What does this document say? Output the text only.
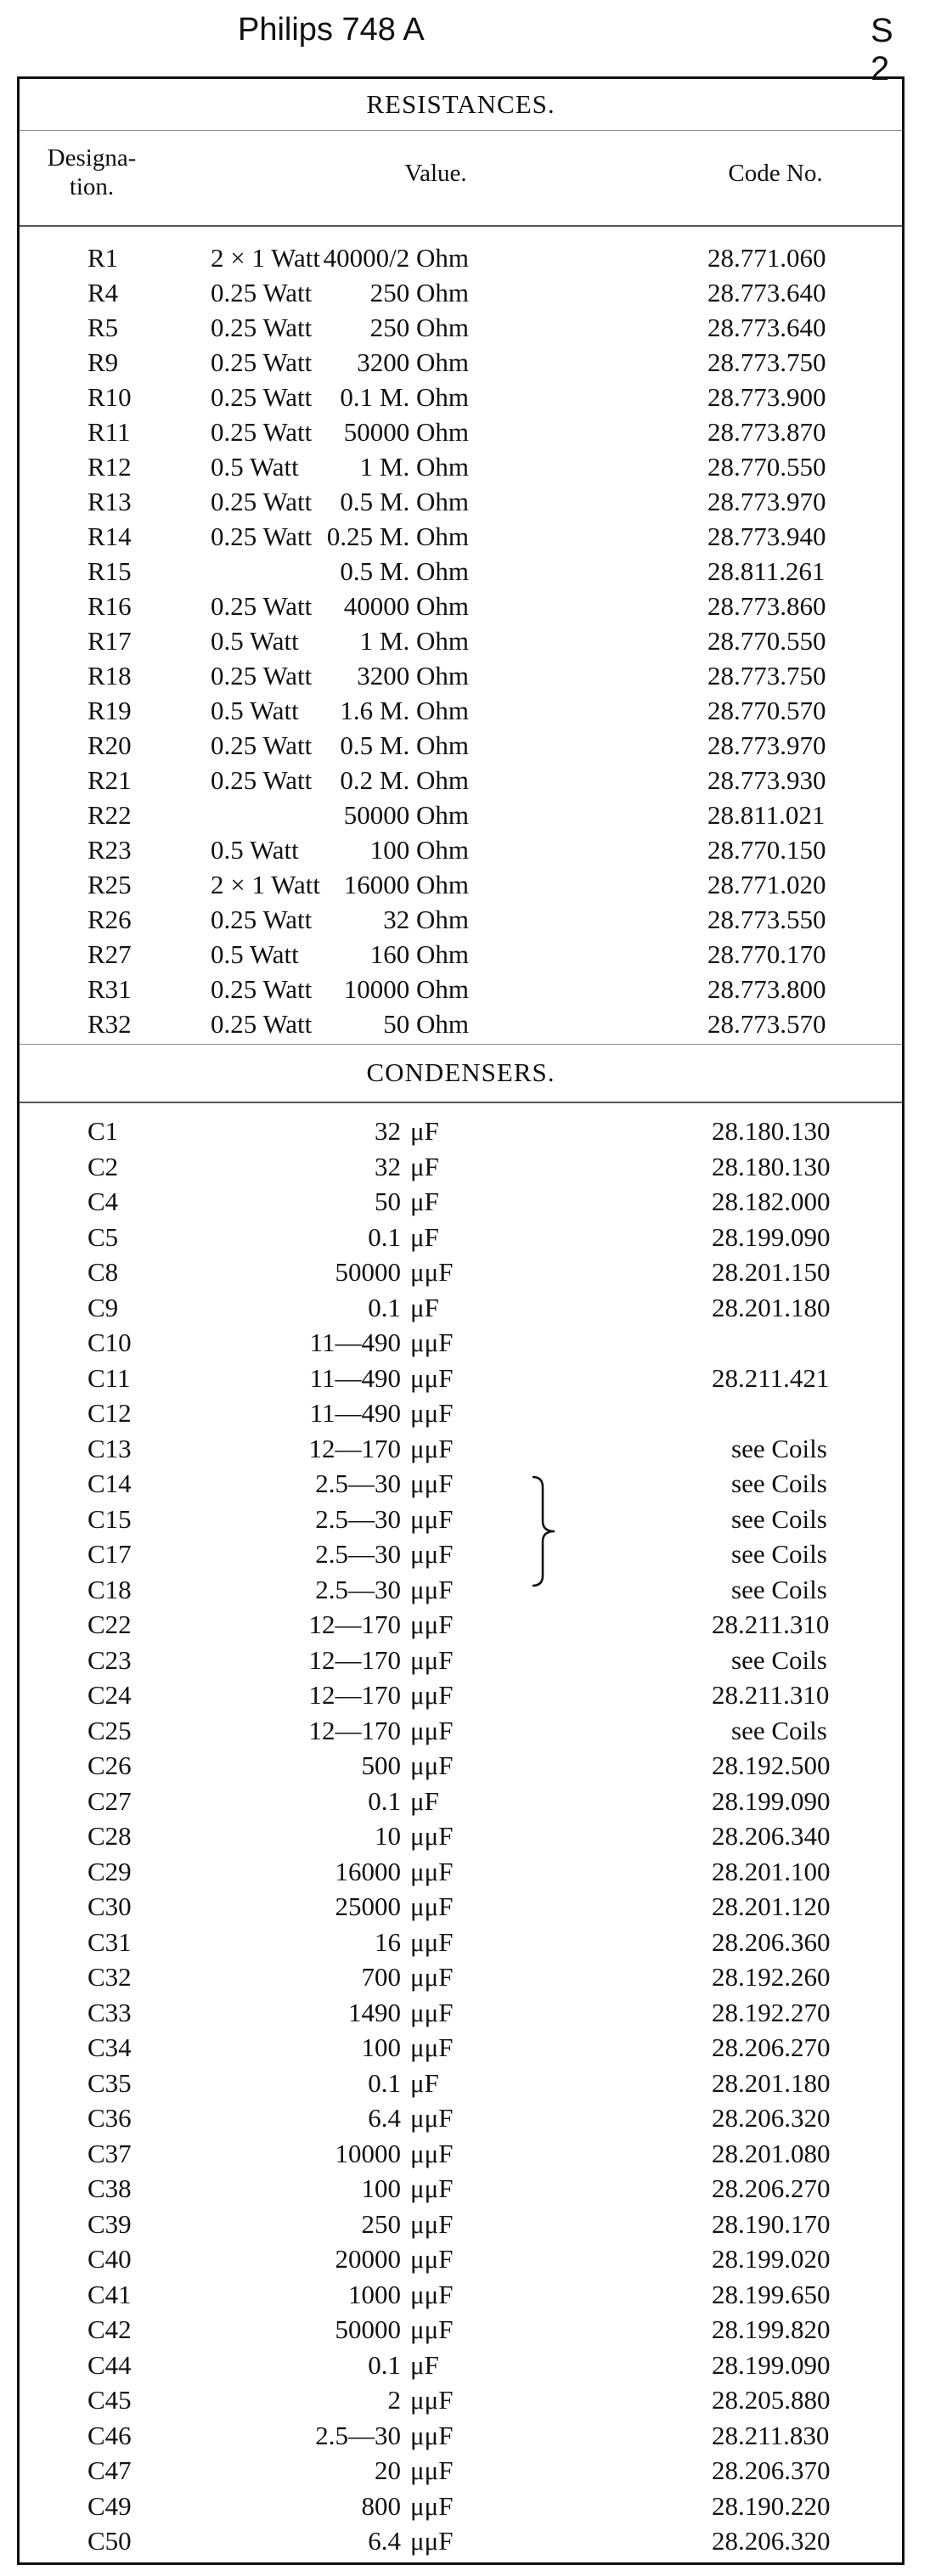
Philips 748 A	S 2
RESISTANCES.
Designa-
tion.	Value.	Code No.
R1	2 × 1 Watt 40000/2 Ohm	28.771.060
R4	0.25 Watt 250 Ohm	28.773.640
R5	0.25 Watt 250 Ohm	28.773.640
R9	0.25 Watt 3200 Ohm	28.773.750
R10	0.25 Watt 0.1 M. Ohm	28.773.900
R11	0.25 Watt 50000 Ohm	28.773.870
R12	0.5 Watt 1 M. Ohm	28.770.550
R13	0.25 Watt 0.5 M. Ohm	28.773.970
R14	0.25 Watt 0.25 M. Ohm	28.773.940
R15	0.5 M. Ohm	28.811.261
R16	0.25 Watt 40000 Ohm	28.773.860
R17	0.5 Watt 1 M. Ohm	28.770.550
R18	0.25 Watt 3200 Ohm	28.773.750
R19	0.5 Watt 1.6 M. Ohm	28.770.570
R20	0.25 Watt 0.5 M. Ohm	28.773.970
R21	0.25 Watt 0.2 M. Ohm	28.773.930
R22	50000 Ohm	28.811.021
R23	0.5 Watt	100 Ohm	28.770.150
R25	2 × 1 Watt 16000 Ohm	28.771.020
R26	0.25 Watt	32 Ohm	28.773.550
R27	0.5 Watt	160 Ohm	28.770.170
R31	0.25 Watt 10000 Ohm	28.773.800
R32	0.25 Watt	50 Ohm	28.773.570
CONDENSERS.
C1	32 μF	28.180.130
C2	32 μF	28.180.130
C4	50 μF	28.182.000
C5	0.1 μF	28.199.090
C8	50000 μμF	28.201.150
C9	0.1 μF	28.201.180
C10	11—490 μμF
C11	11—490 μμF	28.211.421
C12	11—490 μμF
C13	12—170 μμF	see Coils
C14	2.5—30 μμF	see Coils
C15	2.5—30 μμF	see Coils
C17	2.5—30 μμF	see Coils
C18	2.5—30 μμF	see Coils
C22	12—170 μμF	28.211.310
C23	12—170 μμF	see Coils
C24	12—170 μμF	28.211.310
C25	12—170 μμF	see Coils
C26	500 μμF	28.192.500
C27	0.1 μF	28.199.090
C28	10 μμF	28.206.340
C29	16000 μμF	28.201.100
C30	25000 μμF	28.201.120
C31	16 μμF	28.206.360
C32	700 μμF	28.192.260
C33	1490 μμF	28.192.270
C34	100 μμF	28.206.270
C35	0.1 μF	28.201.180
C36	6.4 μμF	28.206.320
C37	10000 μμF	28.201.080
C38	100 μμF	28.206.270
C39	250 μμF	28.190.170
C40	20000 μμF	28.199.020
C41	1000 μμF	28.199.650
C42	50000 μμF	28.199.820
C44	0.1 μF	28.199.090
C45	2 μμF	28.205.880
C46	2.5—30 μμF	28.211.830
C47	20 μμF	28.206.370
C49	800 μμF	28.190.220
C50	6.4 μμF	28.206.320
